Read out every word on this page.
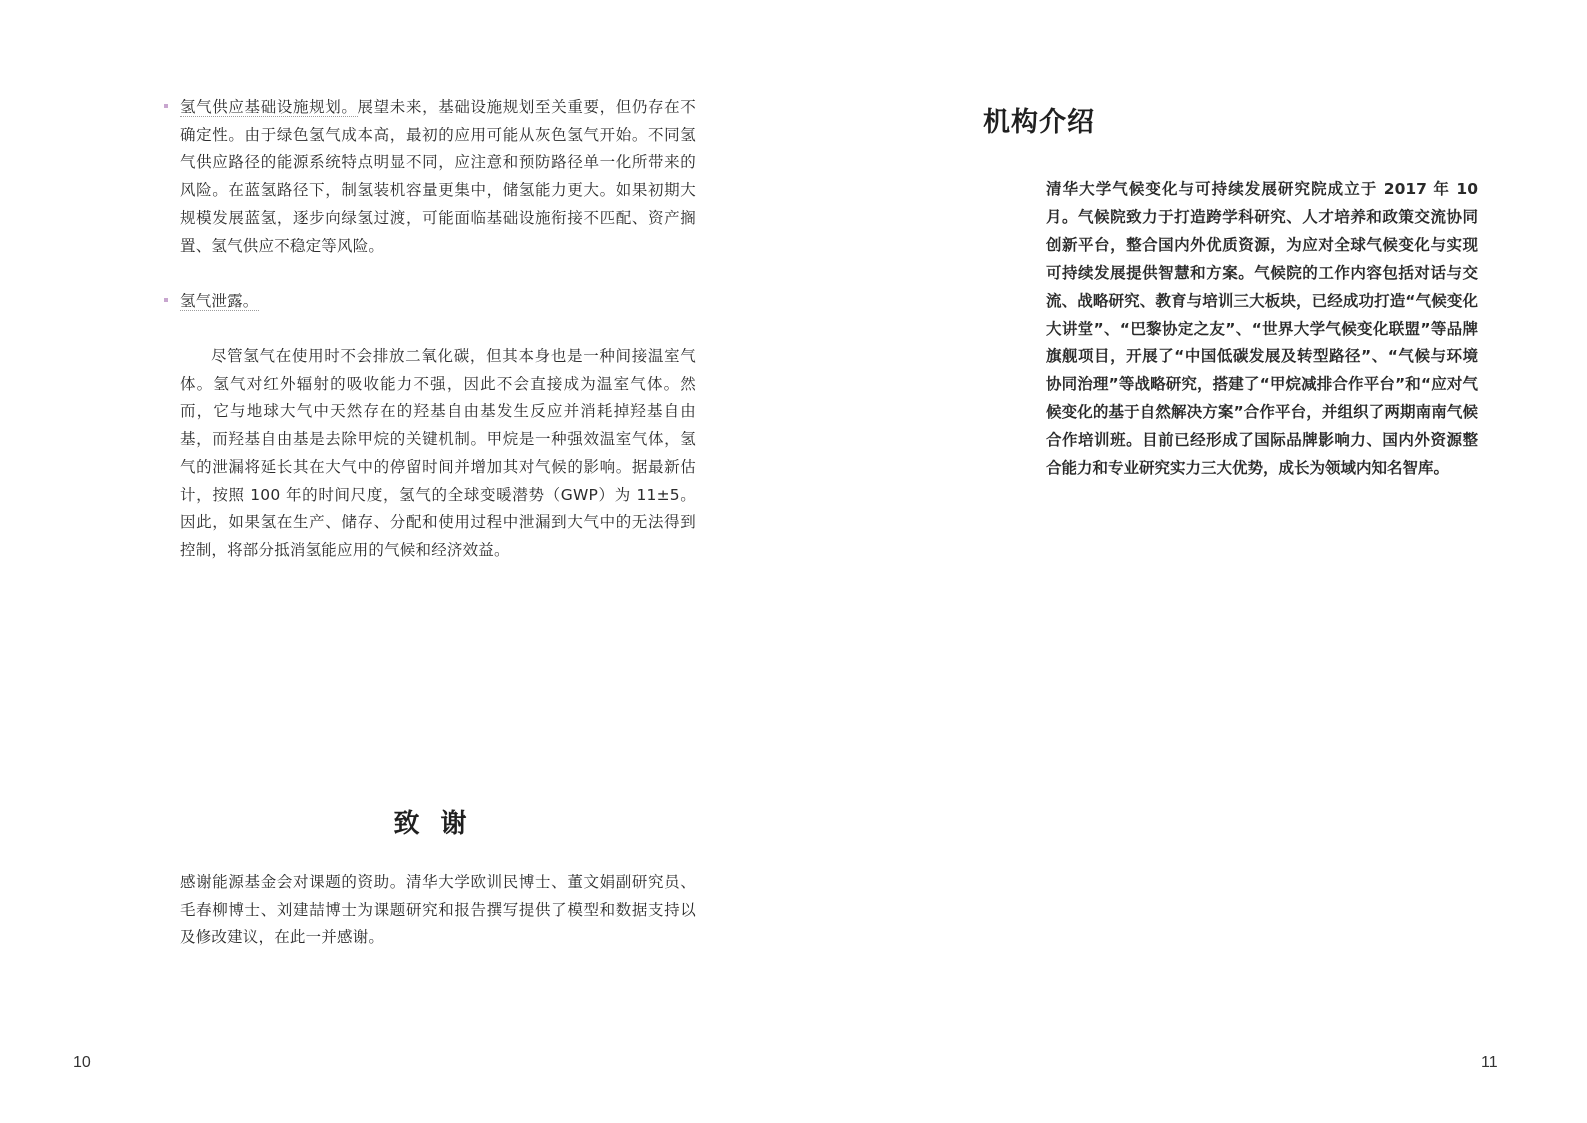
氢气供应基础设施规划。展望未来，基础设施规划至关重要，但仍存在不确定性。由于绿色氢气成本高，最初的应用可能从灰色氢气开始。不同氢气供应路径的能源系统特点明显不同，应注意和预防路径单一化所带来的风险。在蓝氢路径下，制氢装机容量更集中，储氢能力更大。如果初期大规模发展蓝氢，逐步向绿氢过渡，可能面临基础设施衔接不匹配、资产搁置、氢气供应不稳定等风险。

氢气泄露。

尽管氢气在使用时不会排放二氧化碳，但其本身也是一种间接温室气体。氢气对红外辐射的吸收能力不强，因此不会直接成为温室气体。然而，它与地球大气中天然存在的羟基自由基发生反应并消耗掉羟基自由基，而羟基自由基是去除甲烷的关键机制。甲烷是一种强效温室气体，氢气的泄漏将延长其在大气中的停留时间并增加其对气候的影响。据最新估计，按照 100 年的时间尺度，氢气的全球变暖潜势（GWP）为 11±5。因此，如果氢在生产、储存、分配和使用过程中泄漏到大气中的无法得到控制，将部分抵消氢能应用的气候和经济效益。

致 谢

感谢能源基金会对课题的资助。清华大学欧训民博士、董文娟副研究员、毛春柳博士、刘建喆博士为课题研究和报告撰写提供了模型和数据支持以及修改建议，在此一并感谢。

10
机构介绍

清华大学气候变化与可持续发展研究院成立于 2017 年 10 月。气候院致力于打造跨学科研究、人才培养和政策交流协同创新平台，整合国内外优质资源，为应对全球气候变化与实现可持续发展提供智慧和方案。气候院的工作内容包括对话与交流、战略研究、教育与培训三大板块，已经成功打造“气候变化大讲堂”、“巴黎协定之友”、“世界大学气候变化联盟”等品牌旗舰项目，开展了“中国低碳发展及转型路径”、“气候与环境协同治理”等战略研究，搭建了“甲烷减排合作平台”和“应对气候变化的基于自然解决方案”合作平台，并组织了两期南南气候合作培训班。目前已经形成了国际品牌影响力、国内外资源整合能力和专业研究实力三大优势，成长为领域内知名智库。

11
